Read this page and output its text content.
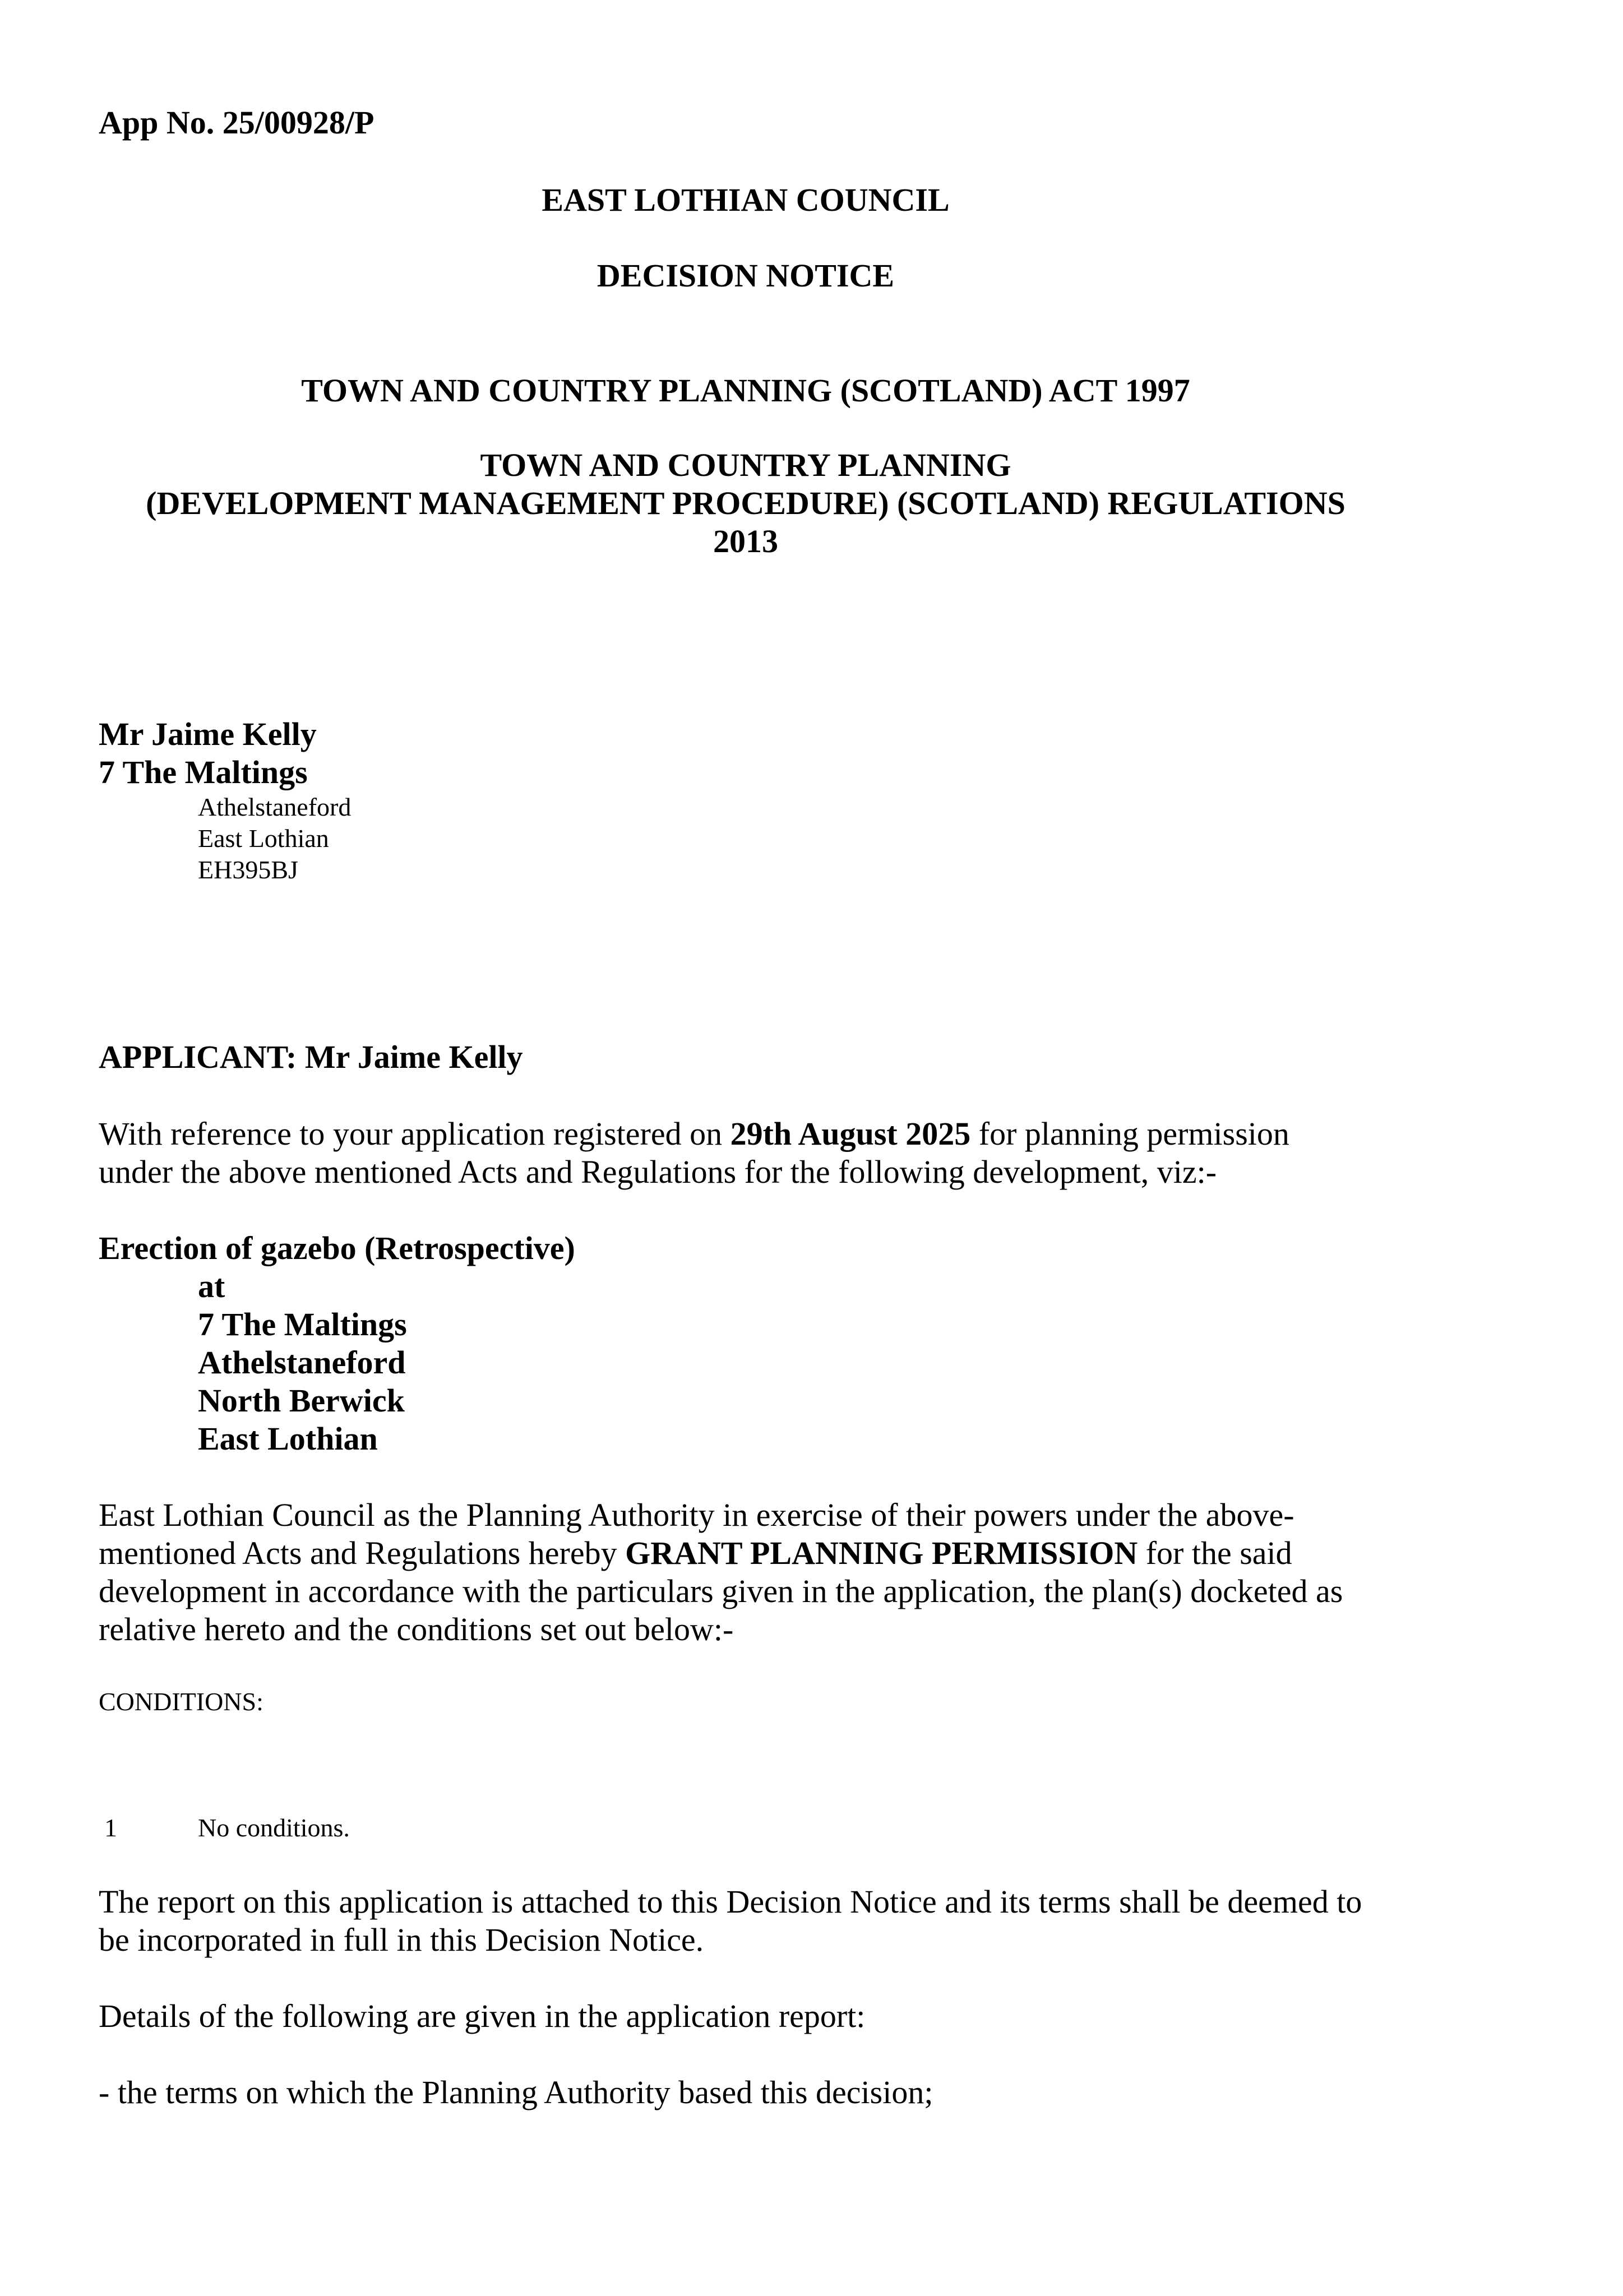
App No. 25/00928/P
EAST LOTHIAN COUNCIL
DECISION NOTICE
TOWN AND COUNTRY PLANNING (SCOTLAND) ACT 1997
TOWN AND COUNTRY PLANNING
(DEVELOPMENT MANAGEMENT PROCEDURE) (SCOTLAND) REGULATIONS
2013
Mr Jaime Kelly
7 The Maltings
Athelstaneford
East Lothian
EH395BJ
APPLICANT: Mr Jaime Kelly
With reference to your application registered on 29th August 2025 for planning permission
under the above mentioned Acts and Regulations for the following development, viz:-
Erection of gazebo (Retrospective)
at
7 The Maltings
Athelstaneford
North Berwick
East Lothian
East Lothian Council as the Planning Authority in exercise of their powers under the above-
mentioned Acts and Regulations hereby GRANT PLANNING PERMISSION for the said
development in accordance with the particulars given in the application, the plan(s) docketed as
relative hereto and the conditions set out below:-
CONDITIONS:
1	No conditions.
The report on this application is attached to this Decision Notice and its terms shall be deemed to
be incorporated in full in this Decision Notice.
Details of the following are given in the application report:
- the terms on which the Planning Authority based this decision;
